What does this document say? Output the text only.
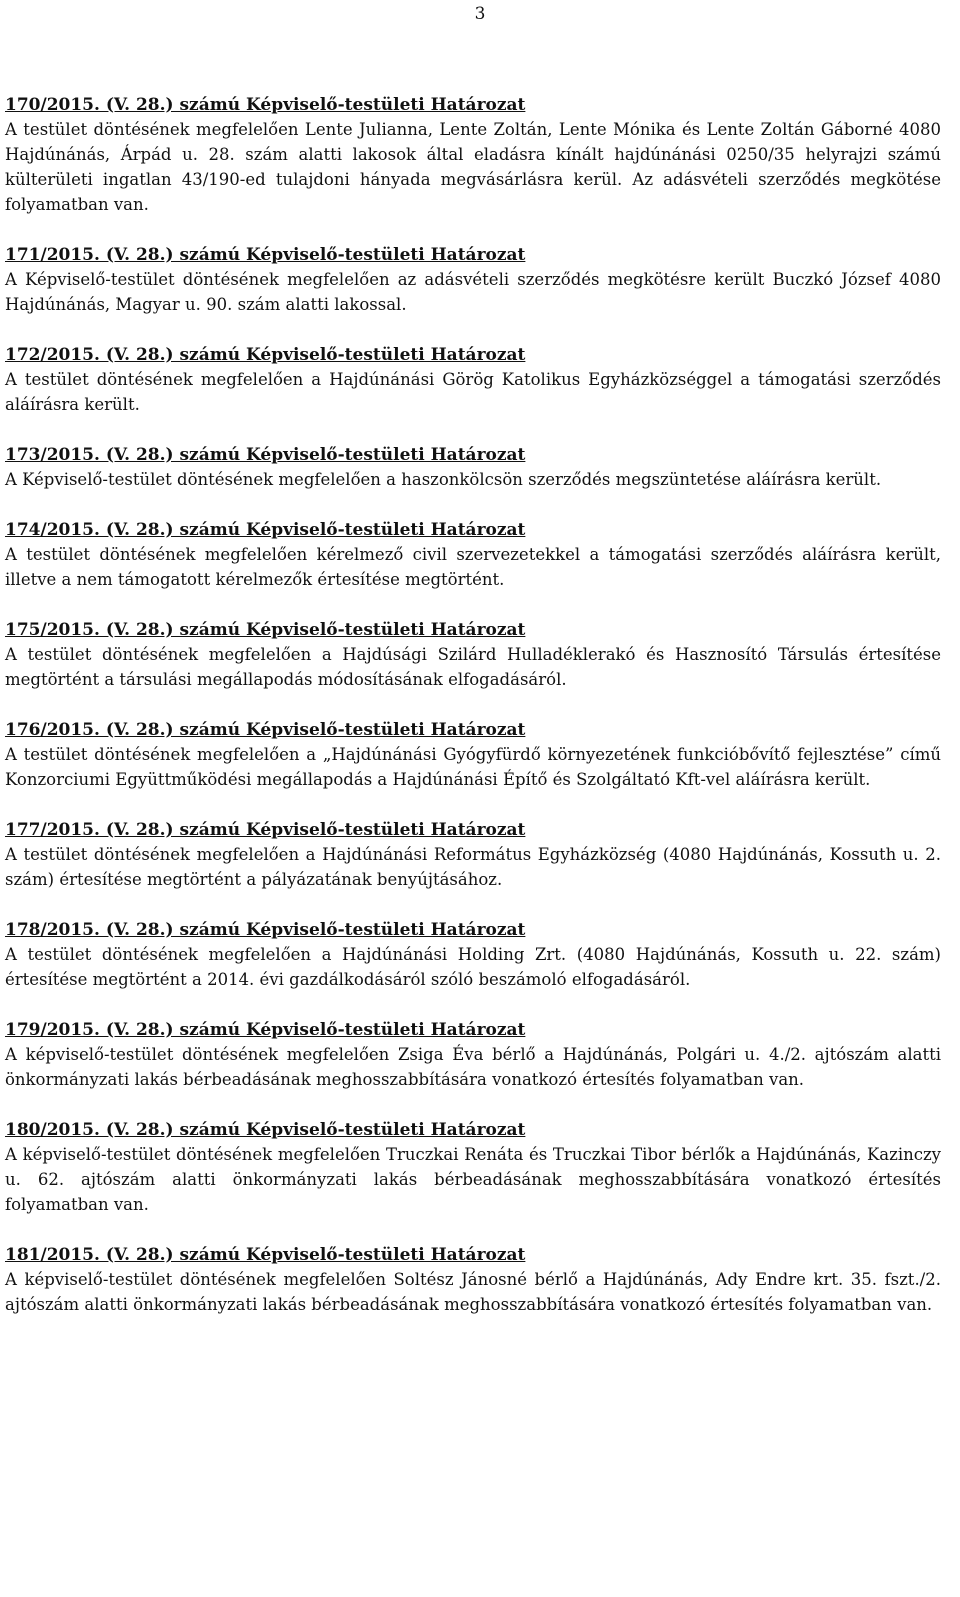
3

170/2015. (V. 28.) számú Képviselő-testületi Határozat

A testület döntésének megfelelően Lente Julianna, Lente Zoltán, Lente Mónika és Lente Zoltán Gáborné 4080 Hajdúnánás, Árpád u. 28. szám alatti lakosok által eladásra kínált hajdúnánási 0250/35 helyrajzi számú külterületi ingatlan 43/190-ed tulajdoni hányada megvásárlásra kerül. Az adásvételi szerződés megkötése folyamatban van.

171/2015. (V. 28.) számú Képviselő-testületi Határozat

A Képviselő-testület döntésének megfelelően az adásvételi szerződés megkötésre került Buczkó József 4080 Hajdúnánás, Magyar u. 90. szám alatti lakossal.

172/2015. (V. 28.) számú Képviselő-testületi Határozat

A testület döntésének megfelelően a Hajdúnánási Görög Katolikus Egyházközséggel a támogatási szerződés aláírásra került.

173/2015. (V. 28.) számú Képviselő-testületi Határozat

A Képviselő-testület döntésének megfelelően a haszonkölcsön szerződés megszüntetése aláírásra került.

174/2015. (V. 28.) számú Képviselő-testületi Határozat

A testület döntésének megfelelően kérelmező civil szervezetekkel a támogatási szerződés aláírásra került, illetve a nem támogatott kérelmezők értesítése megtörtént.

175/2015. (V. 28.) számú Képviselő-testületi Határozat

A testület döntésének megfelelően a Hajdúsági Szilárd Hulladéklerakó és Hasznosító Társulás értesítése megtörtént a társulási megállapodás módosításának elfogadásáról.

176/2015. (V. 28.) számú Képviselő-testületi Határozat

A testület döntésének megfelelően a „Hajdúnánási Gyógyfürdő környezetének funkcióbővítő fejlesztése” című Konzorciumi Együttműködési megállapodás a Hajdúnánási Építő és Szolgáltató Kft-vel aláírásra került.

177/2015. (V. 28.) számú Képviselő-testületi Határozat

A testület döntésének megfelelően a Hajdúnánási Református Egyházközség (4080 Hajdúnánás, Kossuth u. 2. szám) értesítése megtörtént a pályázatának benyújtásához.

178/2015. (V. 28.) számú Képviselő-testületi Határozat

A testület döntésének megfelelően a Hajdúnánási Holding Zrt. (4080 Hajdúnánás, Kossuth u. 22. szám) értesítése megtörtént a 2014. évi gazdálkodásáról szóló beszámoló elfogadásáról.

179/2015. (V. 28.) számú Képviselő-testületi Határozat

A képviselő-testület döntésének megfelelően Zsiga Éva bérlő a Hajdúnánás, Polgári u. 4./2. ajtószám alatti önkormányzati lakás bérbeadásának meghosszabbítására vonatkozó értesítés folyamatban van.

180/2015. (V. 28.) számú Képviselő-testületi Határozat

A képviselő-testület döntésének megfelelően Truczkai Renáta és Truczkai Tibor bérlők a Hajdúnánás, Kazinczy u. 62. ajtószám alatti önkormányzati lakás bérbeadásának meghosszabbítására vonatkozó értesítés folyamatban van.

181/2015. (V. 28.) számú Képviselő-testületi Határozat

A képviselő-testület döntésének megfelelően Soltész Jánosné bérlő a Hajdúnánás, Ady Endre krt. 35. fszt./2. ajtószám alatti önkormányzati lakás bérbeadásának meghosszabbítására vonatkozó értesítés folyamatban van.
